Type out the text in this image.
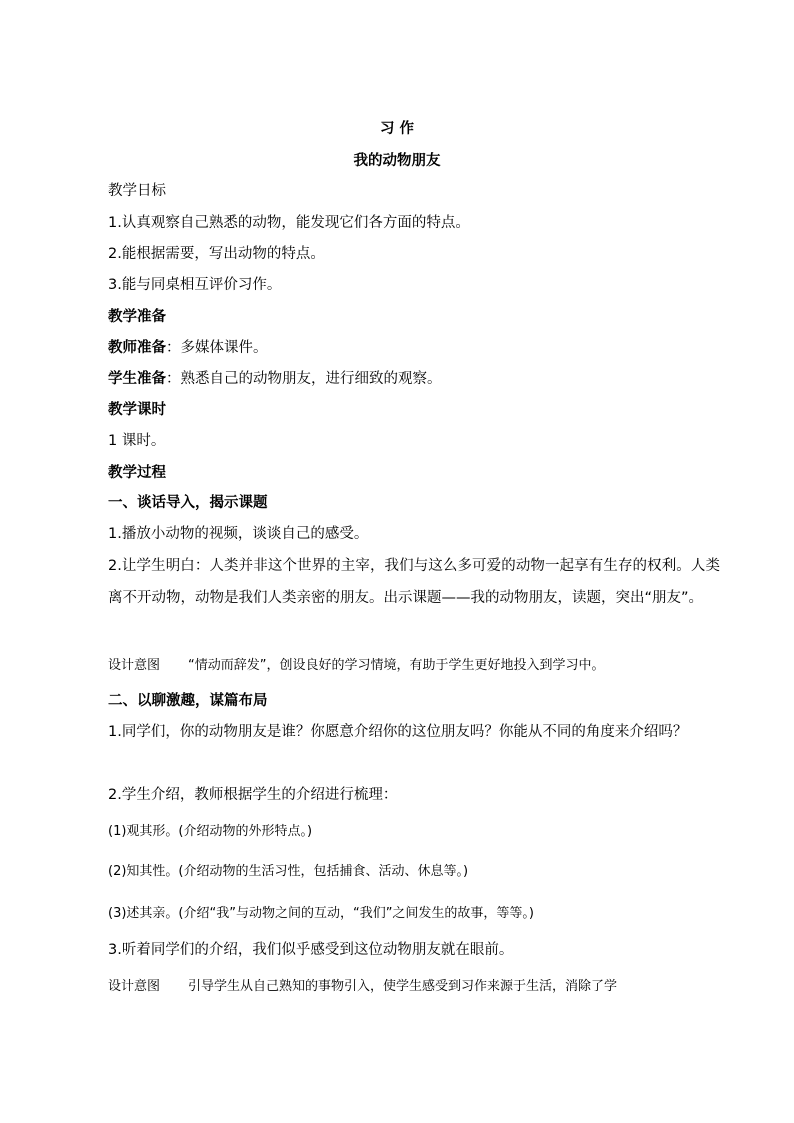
习 作
我的动物朋友
教学日标
1.认真观察自己熟悉的动物，能发现它们各方面的特点。
2.能根据需要，写出动物的特点。
3.能与同桌相互评价习作。
教学准备
教师准备：多媒体课件。
学生准备：熟悉自己的动物朋友，进行细致的观察。
教学课时
1 课时。
教学过程
一、谈话导入，揭示课题
1.播放小动物的视频，谈谈自己的感受。
2.让学生明白：人类并非这个世界的主宰，我们与这么多可爱的动物一起享有生存的权利。人类离不开动物，动物是我们人类亲密的朋友。出示课题——我的动物朋友，读题，突出“朋友”。
设计意图 “情动而辞发”，创设良好的学习情境，有助于学生更好地投入到学习中。
二、以聊激趣，谋篇布局
1.同学们，你的动物朋友是谁？你愿意介绍你的这位朋友吗？你能从不同的角度来介绍吗？
2.学生介绍，教师根据学生的介绍进行梳理：
(1)观其形。(介绍动物的外形特点。)
(2)知其性。(介绍动物的生活习性，包括捕食、活动、休息等。)
(3)述其亲。(介绍“我”与动物之间的互动，“我们”之间发生的故事，等等。)
3.听着同学们的介绍，我们似乎感受到这位动物朋友就在眼前。
设计意图 引导学生从自己熟知的事物引入，使学生感受到习作来源于生活，消除了学
